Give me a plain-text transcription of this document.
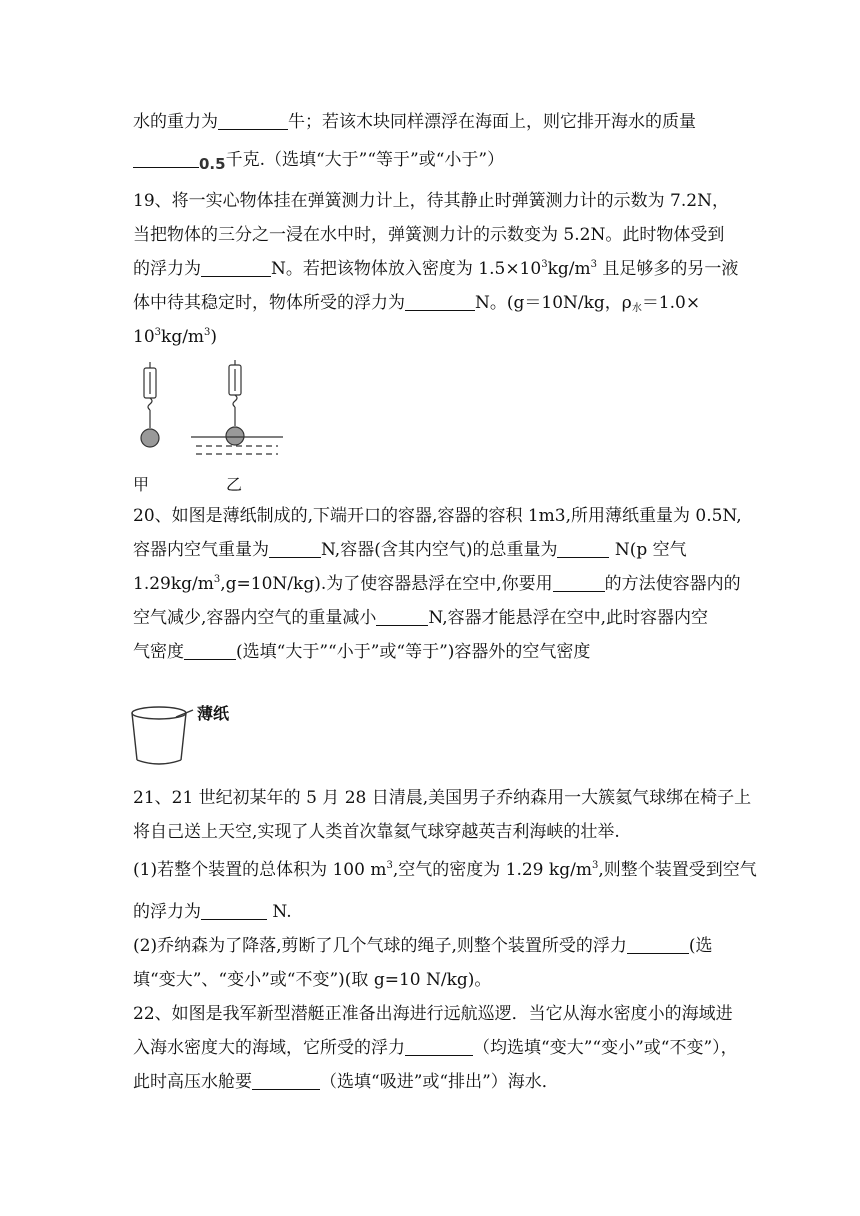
水的重力为	牛；若该木块同样漂浮在海面上，则它排开海水的质量
0.5千克.（选填“大于”“等于”或“小于”）
19、将一实心物体挂在弹簧测力计上，待其静止时弹簧测力计的示数为 7.2N，
当把物体的三分之一浸在水中时，弹簧测力计的示数变为 5.2N。此时物体受到
的浮力为	N。若把该物体放入密度为 $1.5\times 10^3kg/m^3$ 且足够多的另一液
体中待其稳定时，物体所受的浮力为	N。(g＝10N/kg，$\rho_水=1.0\times$
$10^3kg/m^3$)
甲	乙
20、如图是薄纸制成的,下端开口的容器,容器的容积 1m3,所用薄纸重量为 0.5N,
容器内空气重量为	N,容器(含其内空气)的总重量为	N(p 空气
$1.29kg/m^3,g=10N/kg$).为了使容器悬浮在空中,你要用	的方法使容器内的
空气减少,容器内空气的重量减小	N,容器才能悬浮在空中,此时容器内空
气密度	(选填“大于”“小于”或“等于”)容器外的空气密度
薄纸
21、21 世纪初某年的 5 月 28 日清晨,美国男子乔纳森用一大簇氦气球绑在椅子上
将自己送上天空,实现了人类首次靠氦气球穿越英吉利海峡的壮举.
(1)若整个装置的总体积为 100 $m^3$,空气的密度为 1.29 $kg/m^3$,则整个装置受到空气
的浮力为	N.
(2)乔纳森为了降落,剪断了几个气球的绳子,则整个装置所受的浮力	(选
填“变大”、“变小”或“不变”)(取 g=10 N/kg)。
22、如图是我军新型潜艇正准备出海进行远航巡逻．当它从海水密度小的海域进
入海水密度大的海域，它所受的浮力	（均选填“变大”“变小”或“不变”），
此时高压水舱要	（选填“吸进”或“排出”）海水．
